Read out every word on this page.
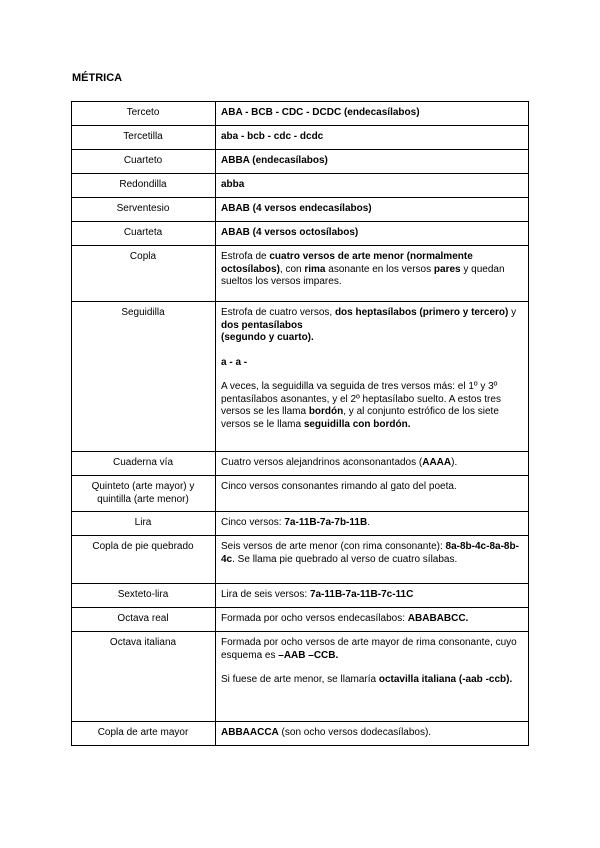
MÉTRICA
Terceto	ABA - BCB - CDC - DCDC (endecasílabos)
Tercetilla	aba - bcb - cdc - dcdc
Cuarteto	ABBA (endecasílabos)
Redondilla	abba
Serventesio	ABAB (4 versos endecasílabos)
Cuarteta	ABAB (4 versos octosílabos)
Copla	Estrofa de cuatro versos de arte menor (normalmente octosílabos), con rima asonante en los versos pares y quedan sueltos los versos impares.
Seguidilla	Estrofa de cuatro versos, dos heptasílabos (primero y tercero) y dos pentasílabos
(segundo y cuarto).
a - a -
A veces, la seguidilla va seguida de tres versos más: el 1º y 3º pentasílabos asonantes, y el 2º heptasílabo suelto. A estos tres versos se les llama bordón, y al conjunto estrófico de los siete versos se le llama seguidilla con bordón.
Cuaderna vía	Cuatro versos alejandrinos aconsonantados (AAAA).
Quinteto (arte mayor) y quintilla (arte menor)	Cinco versos consonantes rimando al gato del poeta.
Lira	Cinco versos: 7a-11B-7a-7b-11B.
Copla de pie quebrado	Seis versos de arte menor (con rima consonante): 8a-8b-4c-8a-8b-4c. Se llama pie quebrado al verso de cuatro sílabas.
Sexteto-lira	Lira de seis versos: 7a-11B-7a-11B-7c-11C
Octava real	Formada por ocho versos endecasílabos: ABABABCC.
Octava italiana	Formada por ocho versos de arte mayor de rima consonante, cuyo esquema es –AAB –CCB.
Si fuese de arte menor, se llamaría octavilla italiana (-aab -ccb).
Copla de arte mayor	ABBAACCA (son ocho versos dodecasílabos).
